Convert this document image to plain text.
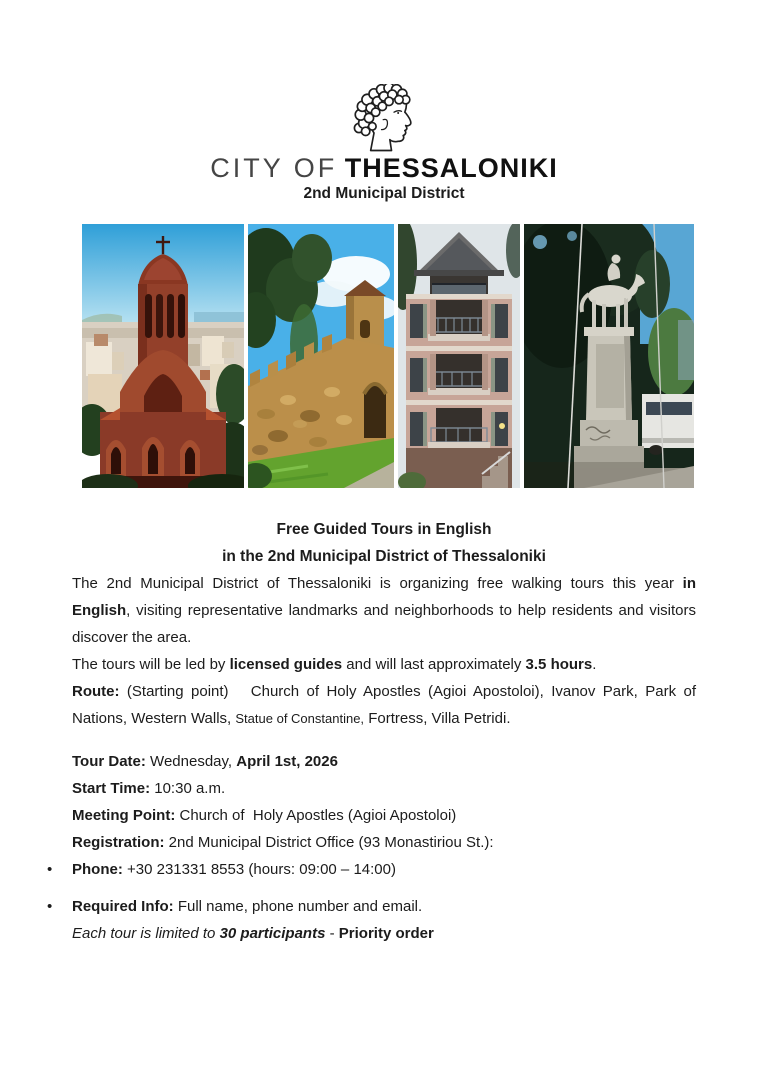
CITY OF THESSALONIKI
2nd Municipal District
Free Guided Tours in English
in the 2nd Municipal District of Thessaloniki

The 2nd Municipal District of Thessaloniki is organizing free walking tours this year in English, visiting representative landmarks and neighborhoods to help residents and visitors discover the area.

The tours will be led by licensed guides and will last approximately 3.5 hours.

Route: (Starting point)   Church of Holy Apostles (Agioi Apostoloi), Ivanov Park, Park of Nations, Western Walls, Statue of Constantine, Fortress, Villa Petridi.

Tour Date: Wednesday, April 1st, 2026

Start Time: 10:30 a.m.

Meeting Point: Church of  Holy Apostles (Agioi Apostoloi)

Registration: 2nd Municipal District Office (93 Monastiriou St.):

• Phone: +30 231331 8553 (hours: 09:00 – 14:00)
• Required Info: Full name, phone number and email.

Each tour is limited to 30 participants - Priority order
